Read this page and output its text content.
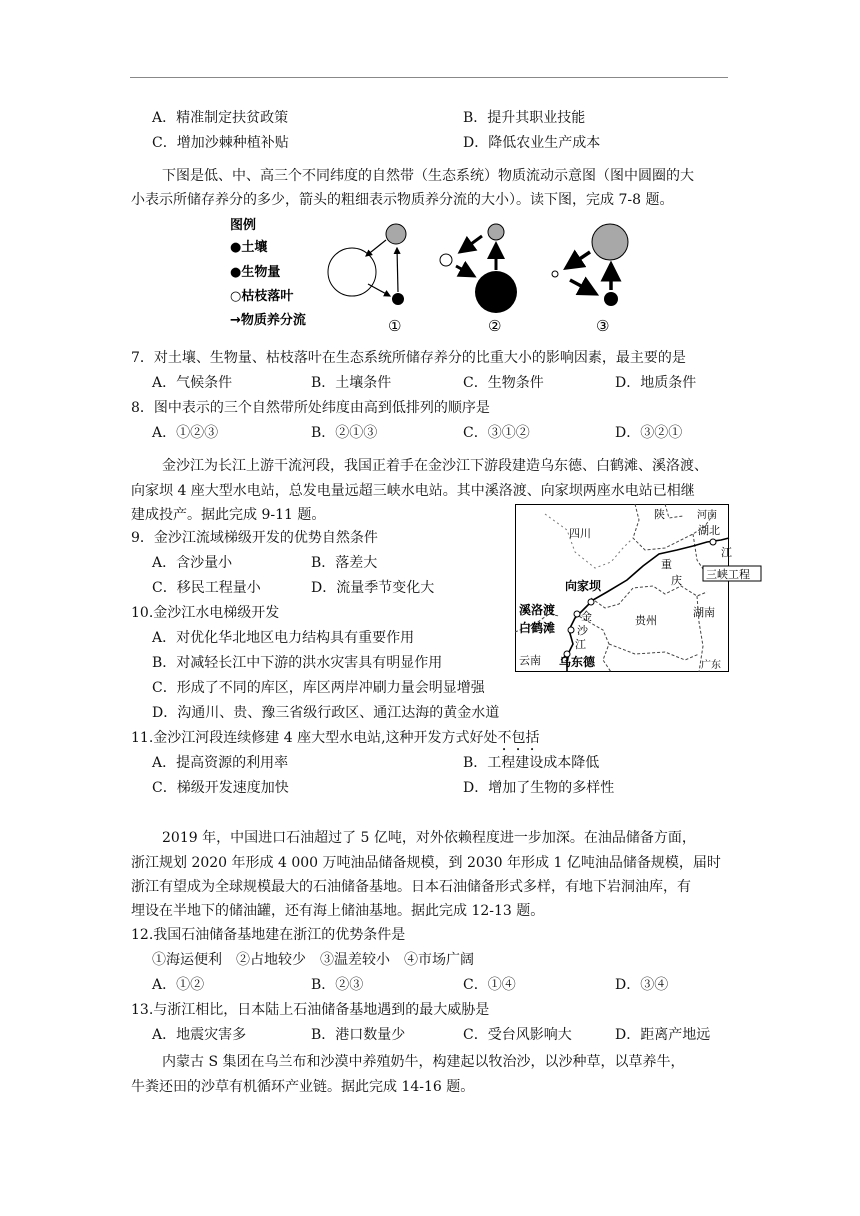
A．精准制定扶贫政策	B．提升其职业技能
C．增加沙棘种植补贴	D．降低农业生产成本
下图是低、中、高三个不同纬度的自然带（生态系统）物质流动示意图（图中圆圈的大
小表示所储存养分的多少，箭头的粗细表示物质养分流的大小）。读下图，完成 7-8 题。
图例
●土壤
●生物量
○枯枝落叶
→物质养分流	①	②	③
7．对土壤、生物量、枯枝落叶在生态系统所储存养分的比重大小的影响因素，最主要的是
A．气候条件	B．土壤条件	C．生物条件	D．地质条件
8．图中表示的三个自然带所处纬度由高到低排列的顺序是
A．①②③	B．②①③	C．③①②	D．③②①
金沙江为长江上游干流河段，我国正着手在金沙江下游段建造乌东德、白鹤滩、溪洛渡、
向家坝 4 座大型水电站，总发电量远超三峡水电站。其中溪洛渡、向家坝两座水电站已相继
建成投产。据此完成 9-11 题。
四川
陕	河南
湖北
江
三峡工程
向家坝
溪洛渡
白鹤滩
金
沙
江
重
庆
湖南
贵州
云南 乌东德	广东
9．金沙江流域梯级开发的优势自然条件
A．含沙量小	B．落差大
C．移民工程量小	D．流量季节变化大
10.金沙江水电梯级开发
A．对优化华北地区电力结构具有重要作用
B．对减轻长江中下游的洪水灾害具有明显作用
C．形成了不同的库区，库区两岸冲刷力量会明显增强
D．沟通川、贵、豫三省级行政区、通江达海的黄金水道
11.金沙江河段连续修建 4 座大型水电站,这种开发方式好处不包括
A．提高资源的利用率	B．工程建设成本降低
C．梯级开发速度加快	D．增加了生物的多样性
2019 年，中国进口石油超过了 5 亿吨，对外依赖程度进一步加深。在油品储备方面，
浙江规划 2020 年形成 4 000 万吨油品储备规模，到 2030 年形成 1 亿吨油品储备规模，届时
浙江有望成为全球规模最大的石油储备基地。日本石油储备形式多样，有地下岩洞油库，有
埋设在半地下的储油罐，还有海上储油基地。据此完成 12-13 题。
12.我国石油储备基地建在浙江的优势条件是
①海运便利　②占地较少　③温差较小　④市场广阔
A．①②	B．②③	C．①④	D．③④
13.与浙江相比，日本陆上石油储备基地遇到的最大威胁是
A．地震灾害多	B．港口数量少	C．受台风影响大	D．距离产地远
内蒙古 S 集团在乌兰布和沙漠中养殖奶牛，构建起以牧治沙，以沙种草，以草养牛，
牛粪还田的沙草有机循环产业链。据此完成 14-16 题。
